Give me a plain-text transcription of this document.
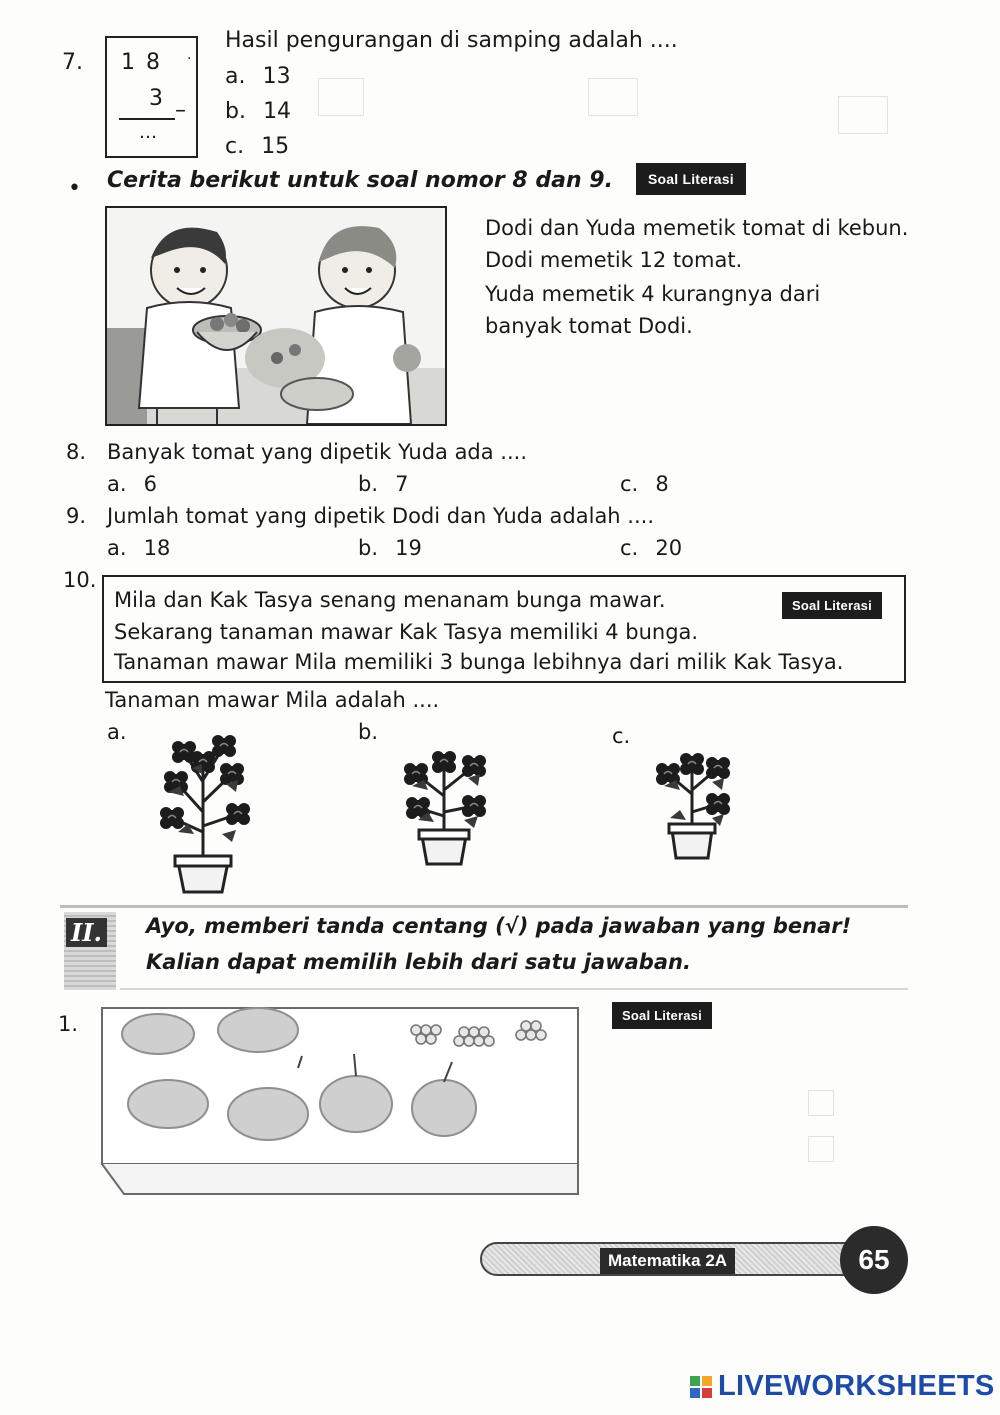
7. 1 8 ·
3 –
…
Hasil pengurangan di samping adalah ....
a. 13
b. 14
c. 15
• Cerita berikut untuk soal nomor 8 dan 9.	Soal Literasi
Dodi dan Yuda memetik tomat di kebun.
Dodi memetik 12 tomat.
Yuda memetik 4 kurangnya dari
banyak tomat Dodi.
8. Banyak tomat yang dipetik Yuda ada ....
a. 6	b. 7	c. 8
9. Jumlah tomat yang dipetik Dodi dan Yuda adalah ....
a. 18	b. 19	c. 20
10.
Mila dan Kak Tasya senang menanam bunga mawar.
Sekarang tanaman mawar Kak Tasya memiliki 4 bunga.
Tanaman mawar Mila memiliki 3 bunga lebihnya dari milik Kak Tasya.
Soal Literasi
Tanaman mawar Mila adalah ....
a.	b.	c.
II. Ayo, memberi tanda centang (√) pada jawaban yang benar!
Kalian dapat memilih lebih dari satu jawaban.
1.	Soal Literasi
Matematika 2A	65
LIVEWORKSHEETS
